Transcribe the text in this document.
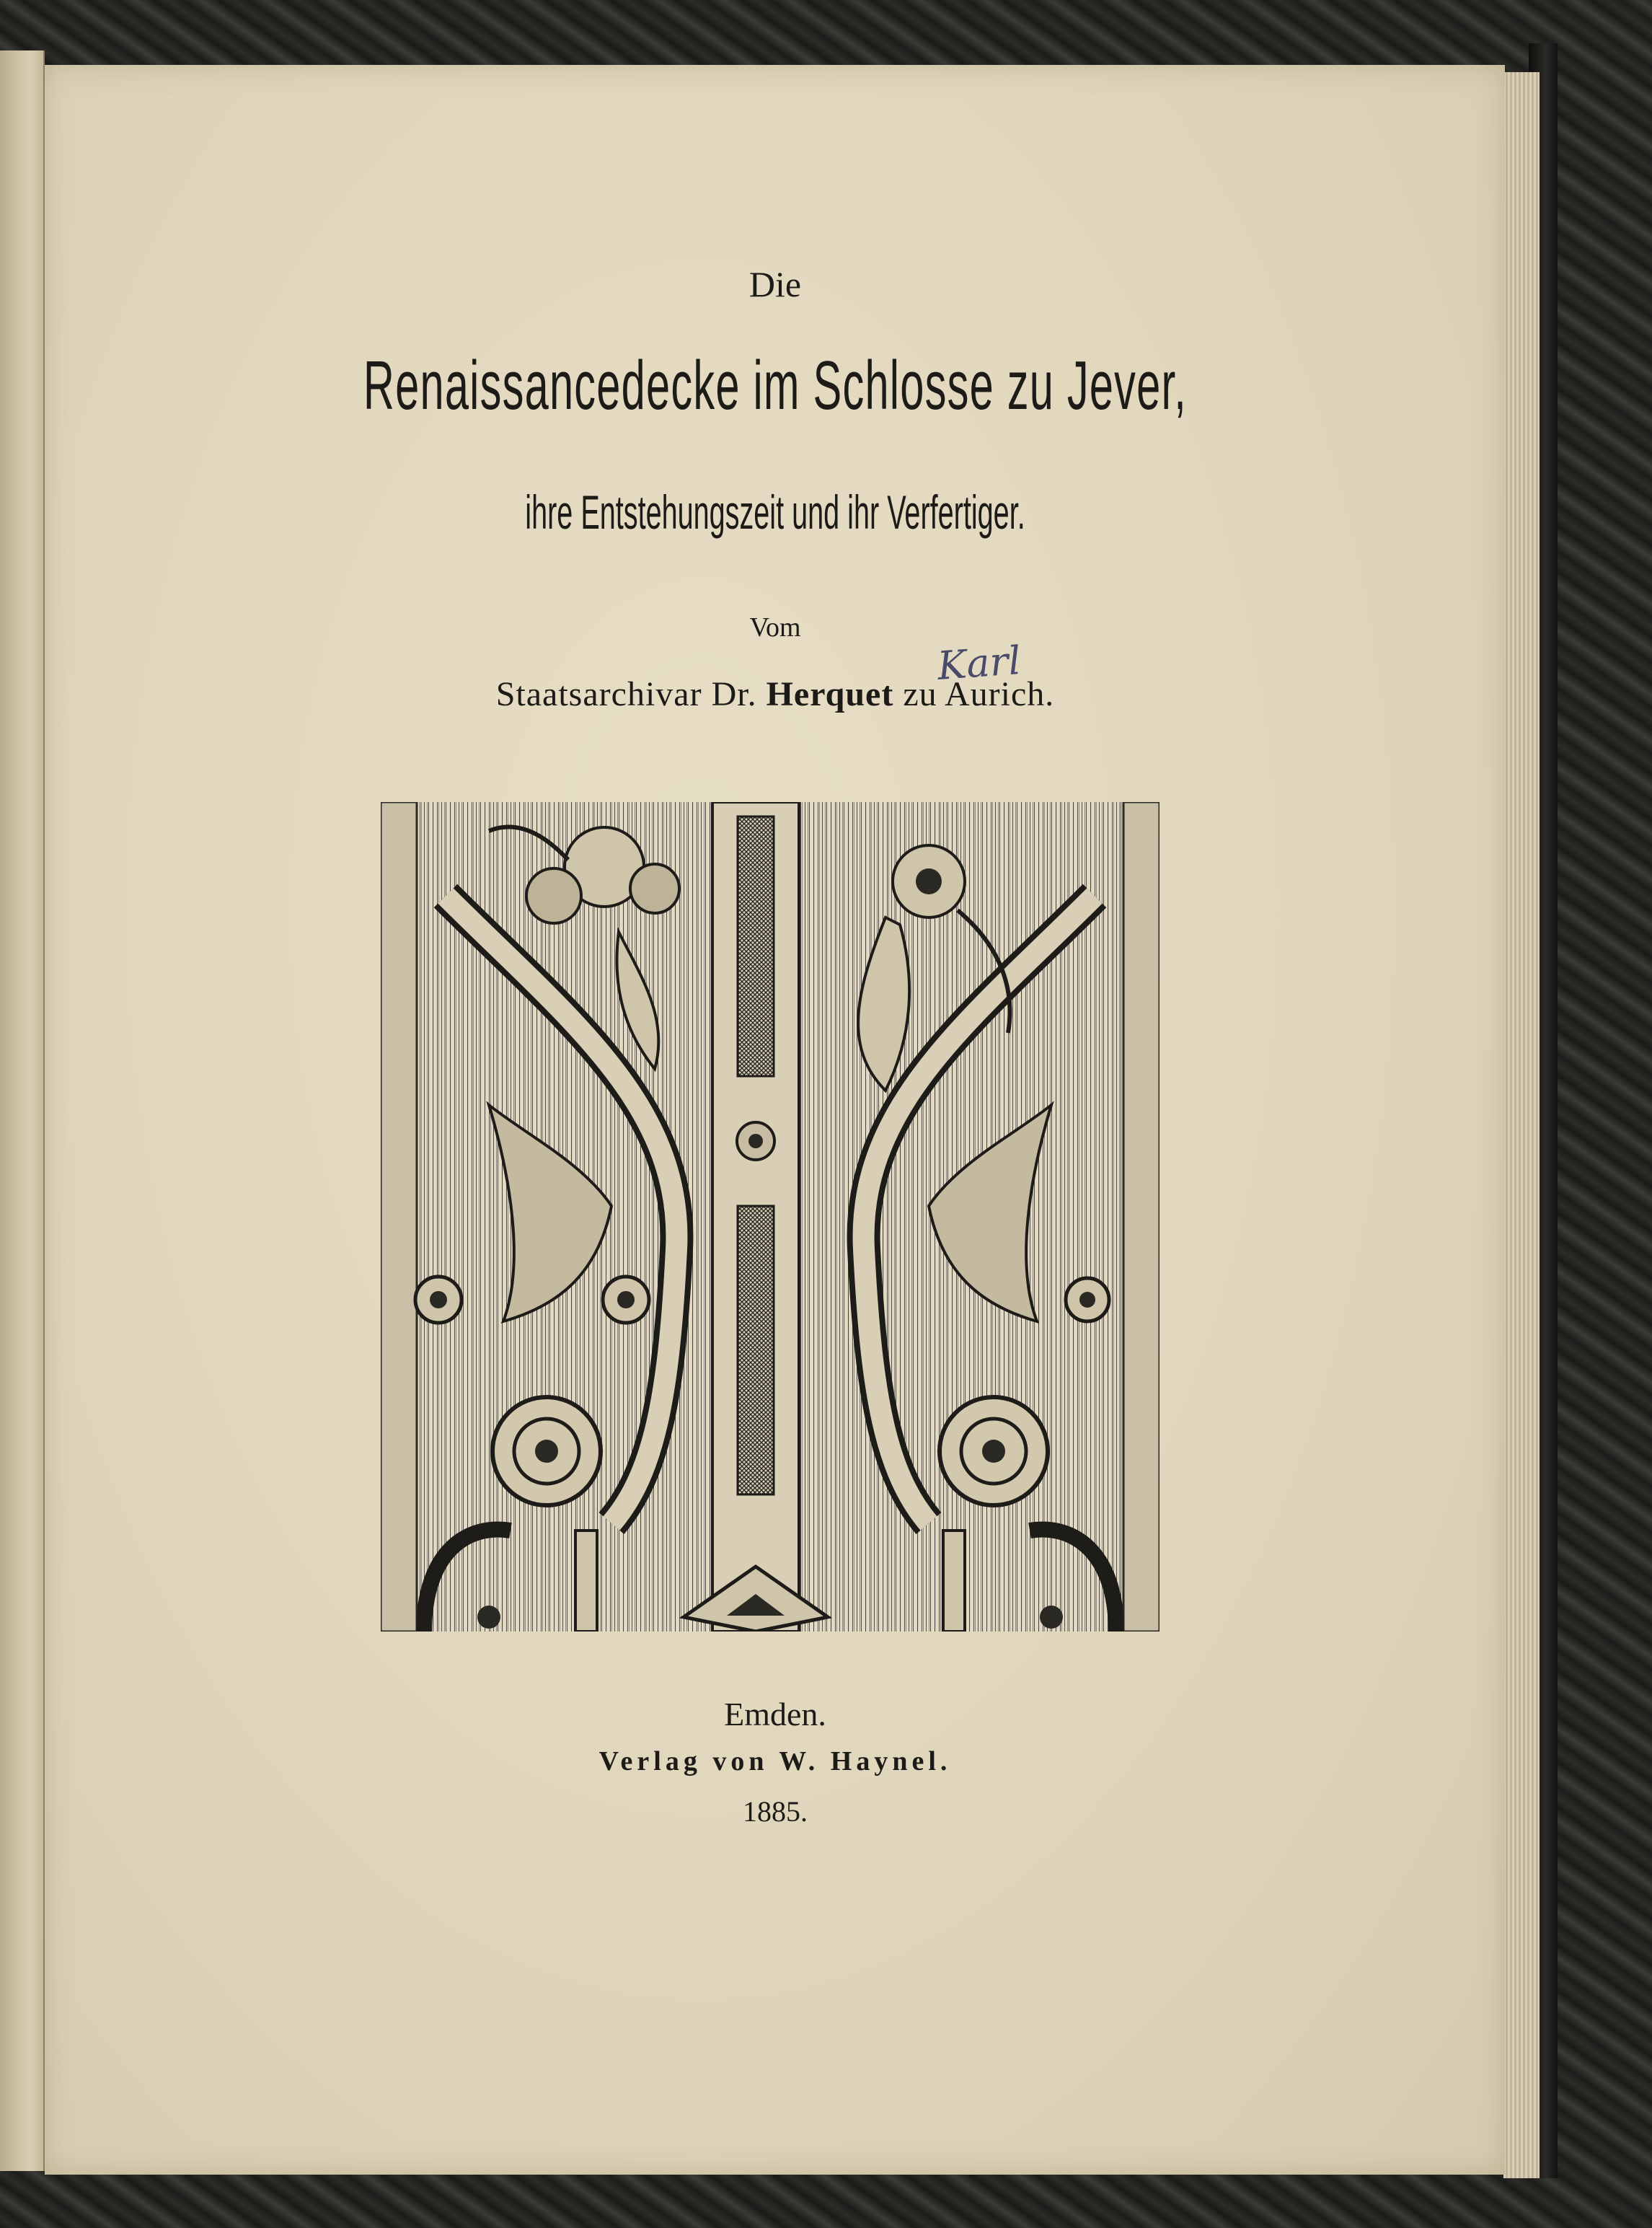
Die
Renaissancedecke im Schlosse zu Jever,
ihre Entstehungszeit und ihr Verfertiger.
Vom
Staatsarchivar Dr. Herquet zu Aurich.
Karl
Emden.
Verlag von W. Haynel.
1885.
